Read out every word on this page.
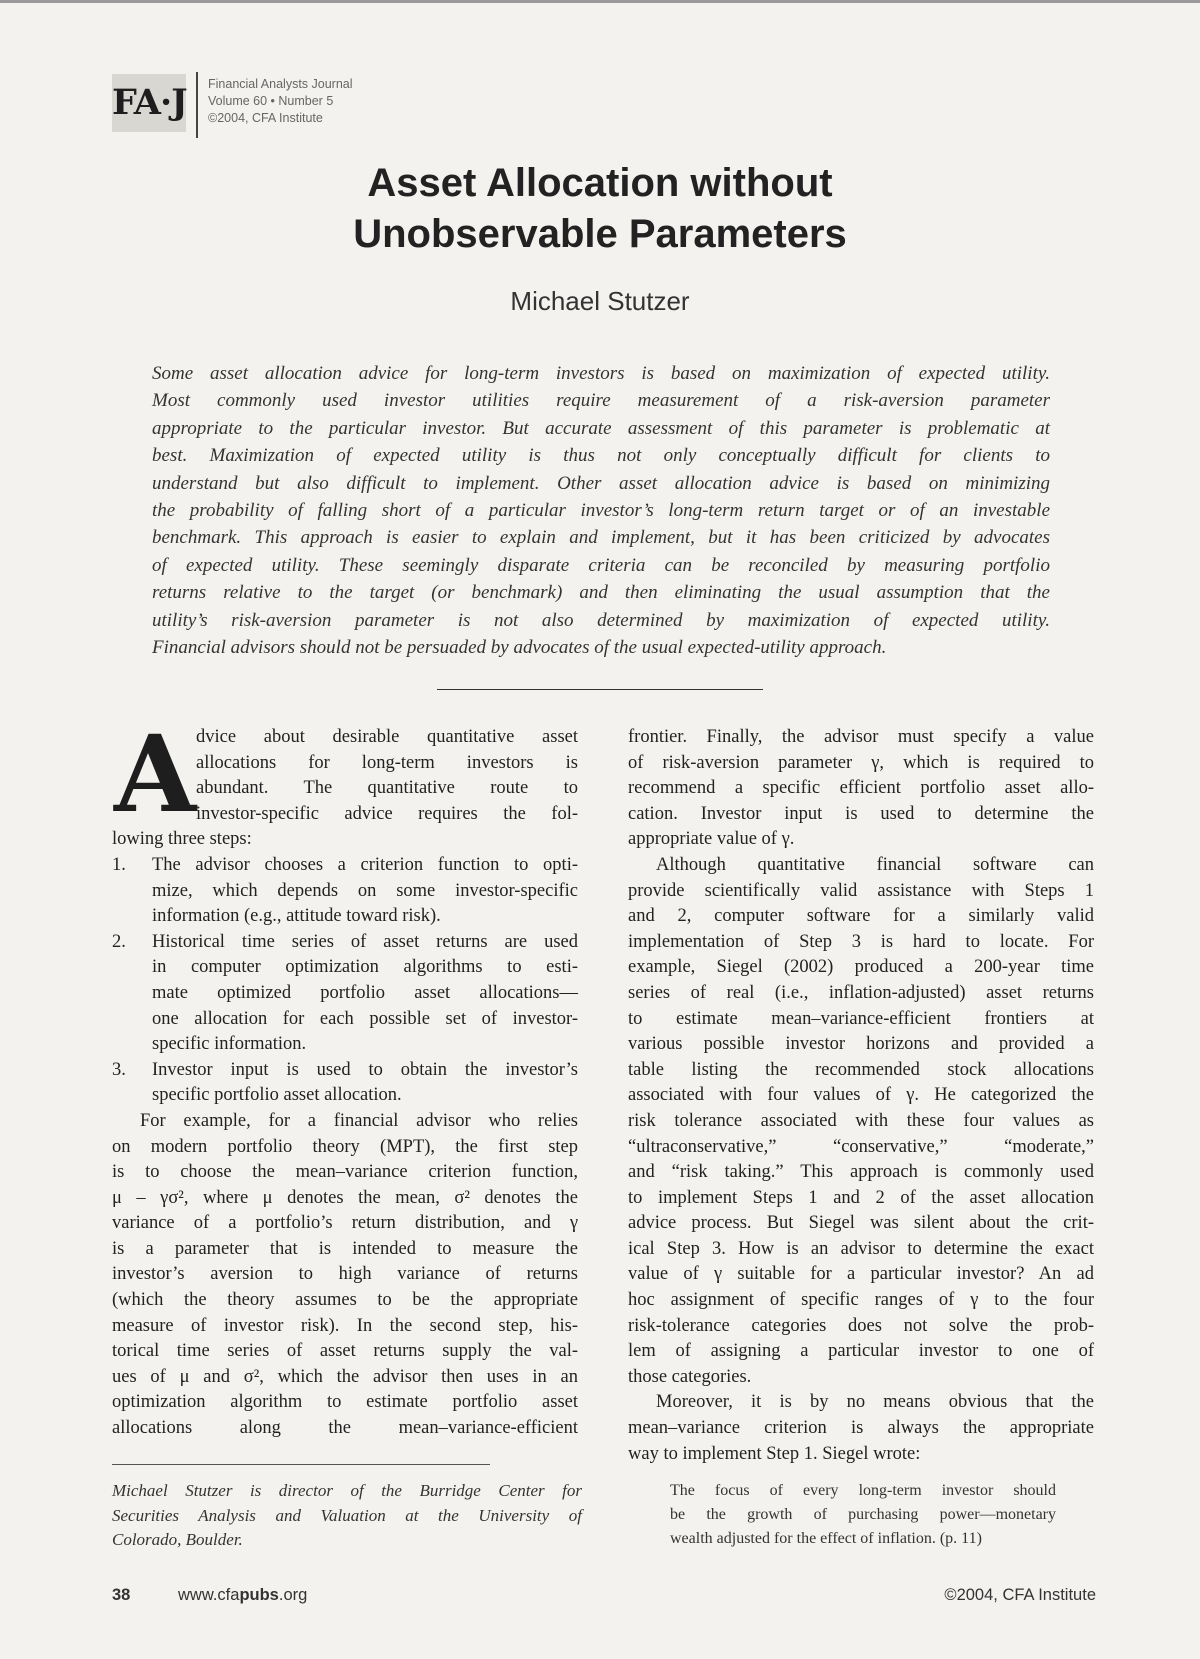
FA·J Financial Analysts Journal
Volume 60 • Number 5
©2004, CFA Institute
Asset Allocation without
Unobservable Parameters
Michael Stutzer
Some asset allocation advice for long-term investors is based on maximization of expected utility.
Most commonly used investor utilities require measurement of a risk-aversion parameter
appropriate to the particular investor. But accurate assessment of this parameter is problematic at
best. Maximization of expected utility is thus not only conceptually difficult for clients to
understand but also difficult to implement. Other asset allocation advice is based on minimizing
the probability of falling short of a particular investor’s long-term return target or of an investable
benchmark. This approach is easier to explain and implement, but it has been criticized by advocates
of expected utility. These seemingly disparate criteria can be reconciled by measuring portfolio
returns relative to the target (or benchmark) and then eliminating the usual assumption that the
utility’s risk-aversion parameter is not also determined by maximization of expected utility.
Financial advisors should not be persuaded by advocates of the usual expected-utility approach.
A dvice about desirable quantitative asset
allocations for long-term investors is
abundant. The quantitative route to
investor-specific advice requires the fol-
lowing three steps:
1. The advisor chooses a criterion function to opti-
mize, which depends on some investor-specific
information (e.g., attitude toward risk).
2. Historical time series of asset returns are used
in computer optimization algorithms to esti-
mate optimized portfolio asset allocations—
one allocation for each possible set of investor-
specific information.
3. Investor input is used to obtain the investor’s
specific portfolio asset allocation.
For example, for a financial advisor who relies
on modern portfolio theory (MPT), the first step
is to choose the mean–variance criterion function,
μ – γσ², where μ denotes the mean, σ² denotes the
variance of a portfolio’s return distribution, and γ
is a parameter that is intended to measure the
investor’s aversion to high variance of returns
(which the theory assumes to be the appropriate
measure of investor risk). In the second step, his-
torical time series of asset returns supply the val-
ues of μ and σ², which the advisor then uses in an
optimization algorithm to estimate portfolio asset
allocations along the mean–variance-efficient
frontier. Finally, the advisor must specify a value
of risk-aversion parameter γ, which is required to
recommend a specific efficient portfolio asset allo-
cation. Investor input is used to determine the
appropriate value of γ.
Although quantitative financial software can
provide scientifically valid assistance with Steps 1
and 2, computer software for a similarly valid
implementation of Step 3 is hard to locate. For
example, Siegel (2002) produced a 200-year time
series of real (i.e., inflation-adjusted) asset returns
to estimate mean–variance-efficient frontiers at
various possible investor horizons and provided a
table listing the recommended stock allocations
associated with four values of γ. He categorized the
risk tolerance associated with these four values as
“ultraconservative,” “conservative,” “moderate,”
and “risk taking.” This approach is commonly used
to implement Steps 1 and 2 of the asset allocation
advice process. But Siegel was silent about the crit-
ical Step 3. How is an advisor to determine the exact
value of γ suitable for a particular investor? An ad
hoc assignment of specific ranges of γ to the four
risk-tolerance categories does not solve the prob-
lem of assigning a particular investor to one of
those categories.
Moreover, it is by no means obvious that the
mean–variance criterion is always the appropriate
way to implement Step 1. Siegel wrote:
Michael Stutzer is director of the Burridge Center for
Securities Analysis and Valuation at the University of
Colorado, Boulder.
The focus of every long-term investor should
be the growth of purchasing power—monetary
wealth adjusted for the effect of inflation. (p. 11)
38	www.cfapubs.org	©2004, CFA Institute
